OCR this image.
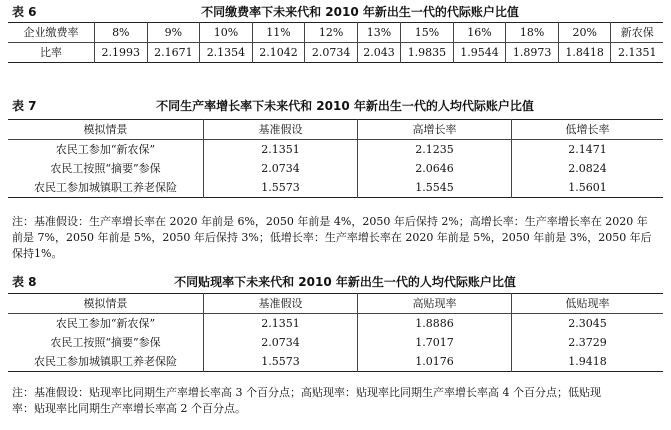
表 6	不同缴费率下未来代和 2010 年新出生一代的代际账户比值
企业缴费率	8%	9%	10%	11%	12%	13%	15%	16%	18%	20%	新农保
比率	2.1993	2.1671	2.1354	2.1042	2.0734	2.043	1.9835	1.9544	1.8973	1.8418	2.1351
表 7	不同生产率增长率下未来代和 2010 年新出生一代的人均代际账户比值
模拟情景	基准假设	高增长率	低增长率
农民工参加“新农保”	2.1351	2.1235	2.1471
农民工按照“摘要”参保	2.0734	2.0646	2.0824
农民工参加城镇职工养老保险	1.5573	1.5545	1.5601
注：基准假设：生产率增长率在 2020 年前是 6%，2050 年前是 4%，2050 年后保持 2%；高增长率：生产率增长率在 2020 年
前是 7%，2050 年前是 5%，2050 年后保持 3%；低增长率：生产率增长率在 2020 年前是 5%，2050 年前是 3%，2050 年后保持1%。
表 8	不同贴现率下未来代和 2010 年新出生一代的人均代际账户比值
模拟情景	基准假设	高贴现率	低贴现率
农民工参加“新农保”	2.1351	1.8886	2.3045
农民工按照“摘要”参保	2.0734	1.7017	2.3729
农民工参加城镇职工养老保险	1.5573	1.0176	1.9418
注：基准假设：贴现率比同期生产率增长率高 3 个百分点；高贴现率：贴现率比同期生产率增长率高 4 个百分点；低贴现
率：贴现率比同期生产率增长率高 2 个百分点。
